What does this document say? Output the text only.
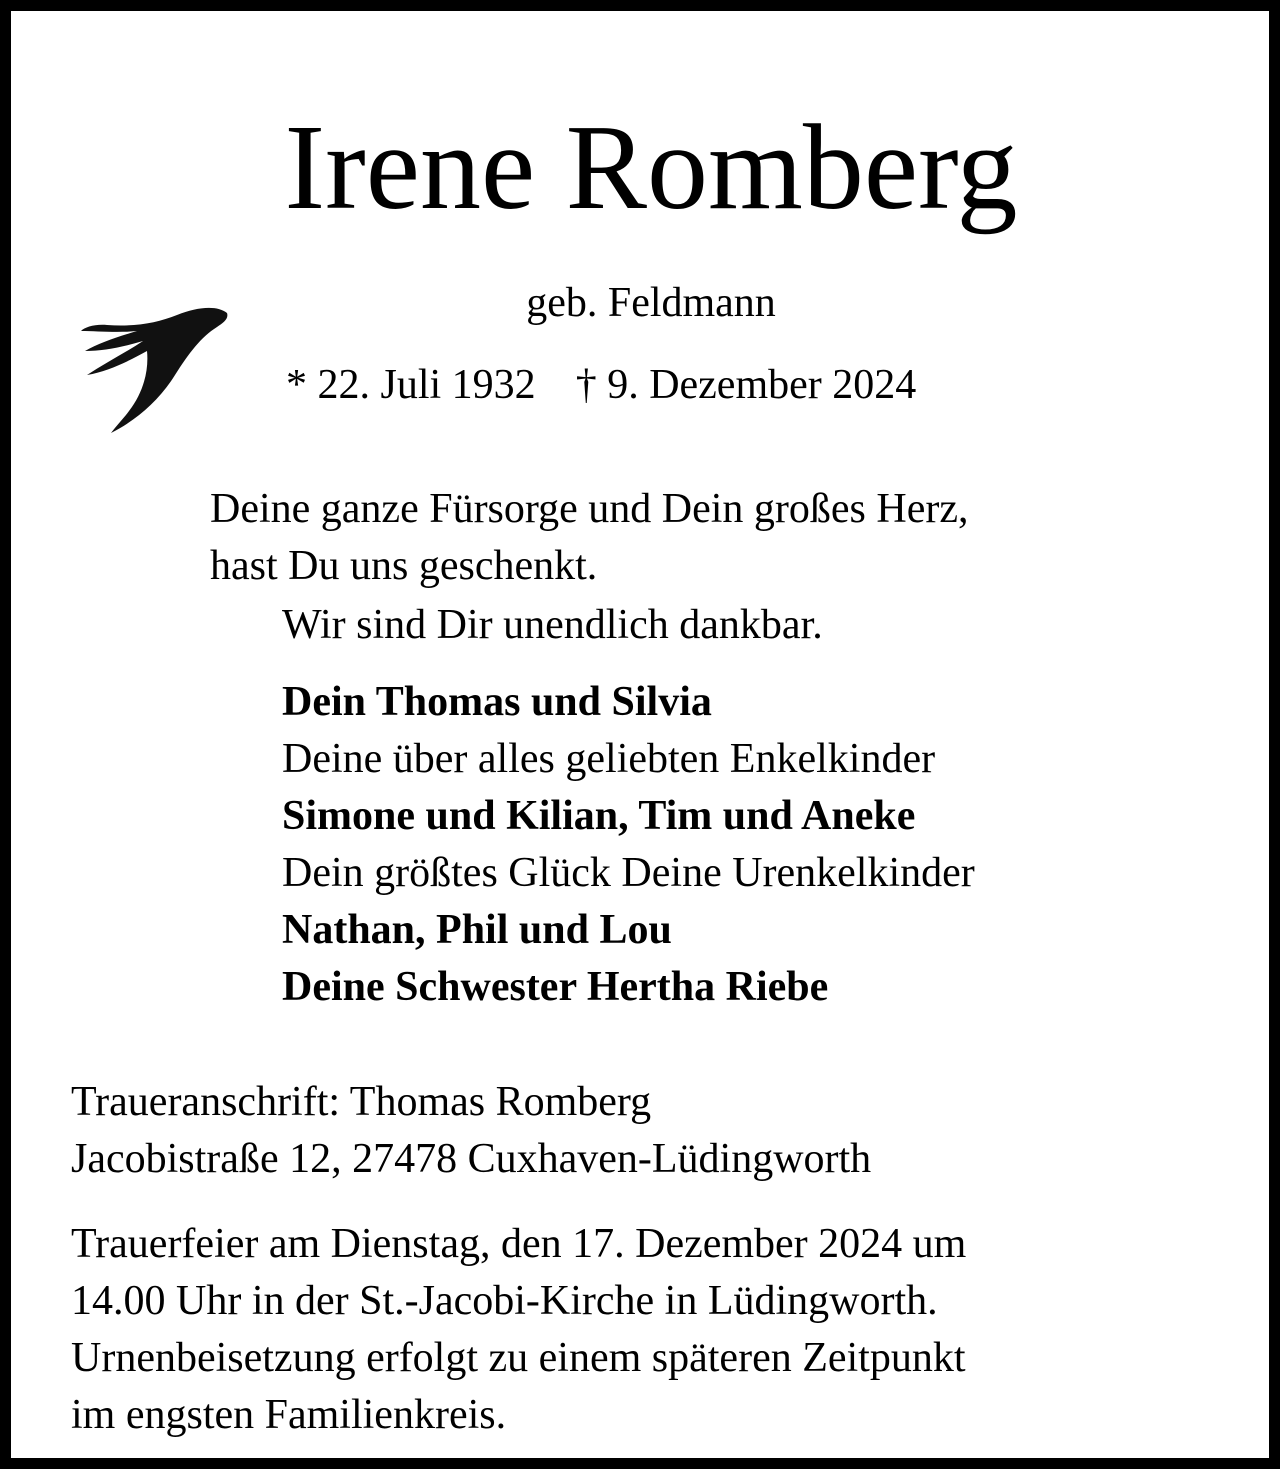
Irene Romberg
geb. Feldmann
* 22. Juli 1932 † 9. Dezember 2024
Deine ganze Fürsorge und Dein großes Herz,
hast Du uns geschenkt.
Wir sind Dir unendlich dankbar.
Dein Thomas und Silvia
Deine über alles geliebten Enkelkinder
Simone und Kilian, Tim und Aneke
Dein größtes Glück Deine Urenkelkinder
Nathan, Phil und Lou
Deine Schwester Hertha Riebe
Traueranschrift: Thomas Romberg
Jacobistraße 12, 27478 Cuxhaven-Lüdingworth
Trauerfeier am Dienstag, den 17. Dezember 2024 um
14.00 Uhr in der St.-Jacobi-Kirche in Lüdingworth.
Urnenbeisetzung erfolgt zu einem späteren Zeitpunkt
im engsten Familienkreis.
